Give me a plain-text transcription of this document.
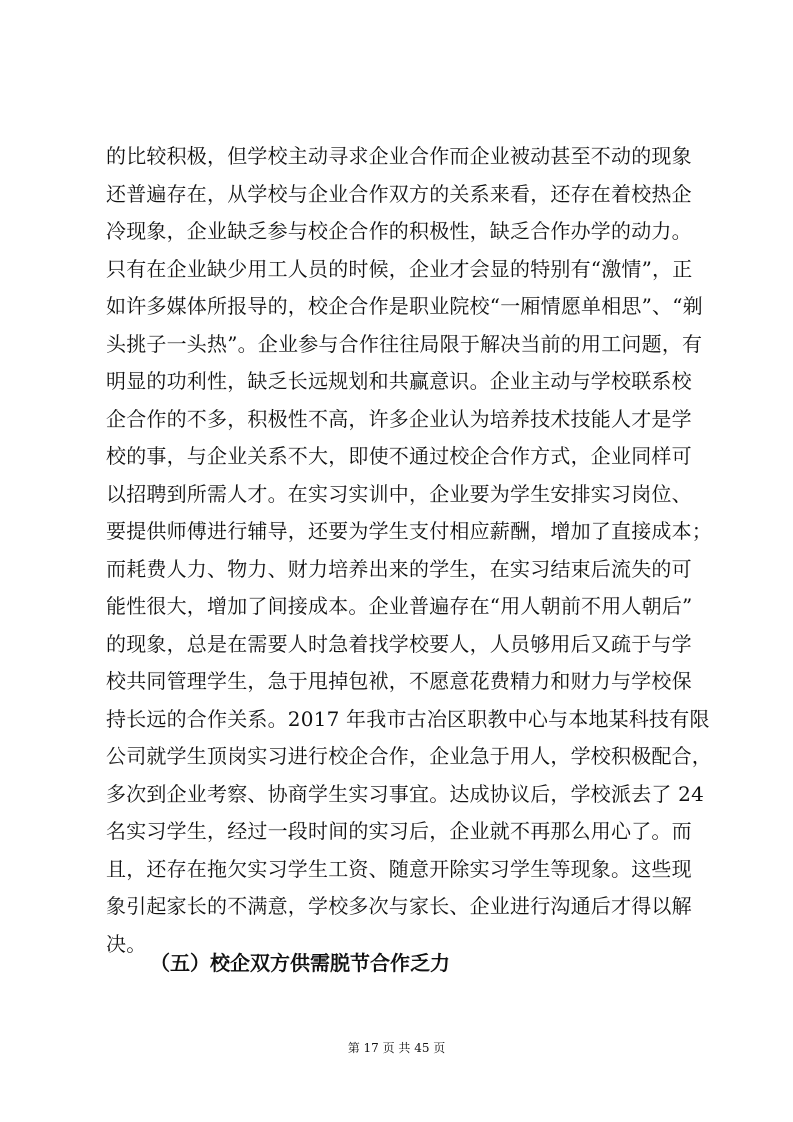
的比较积极，但学校主动寻求企业合作而企业被动甚至不动的现象
还普遍存在，从学校与企业合作双方的关系来看，还存在着校热企
冷现象，企业缺乏参与校企合作的积极性，缺乏合作办学的动力。
只有在企业缺少用工人员的时候，企业才会显的特别有“激情”，正
如许多媒体所报导的，校企合作是职业院校“一厢情愿单相思”、“剃
头挑子一头热”。企业参与合作往往局限于解决当前的用工问题，有
明显的功利性，缺乏长远规划和共赢意识。企业主动与学校联系校
企合作的不多，积极性不高，许多企业认为培养技术技能人才是学
校的事，与企业关系不大，即使不通过校企合作方式，企业同样可
以招聘到所需人才。在实习实训中，企业要为学生安排实习岗位、
要提供师傅进行辅导，还要为学生支付相应薪酬，增加了直接成本；
而耗费人力、物力、财力培养出来的学生，在实习结束后流失的可
能性很大，增加了间接成本。企业普遍存在“用人朝前不用人朝后”
的现象，总是在需要人时急着找学校要人，人员够用后又疏于与学
校共同管理学生，急于甩掉包袱，不愿意花费精力和财力与学校保
持长远的合作关系。2017 年我市古冶区职教中心与本地某科技有限
公司就学生顶岗实习进行校企合作，企业急于用人，学校积极配合，
多次到企业考察、协商学生实习事宜。达成协议后，学校派去了 24
名实习学生，经过一段时间的实习后，企业就不再那么用心了。而
且，还存在拖欠实习学生工资、随意开除实习学生等现象。这些现
象引起家长的不满意，学校多次与家长、企业进行沟通后才得以解
决。
（五）校企双方供需脱节合作乏力
第 17 页 共 45 页
